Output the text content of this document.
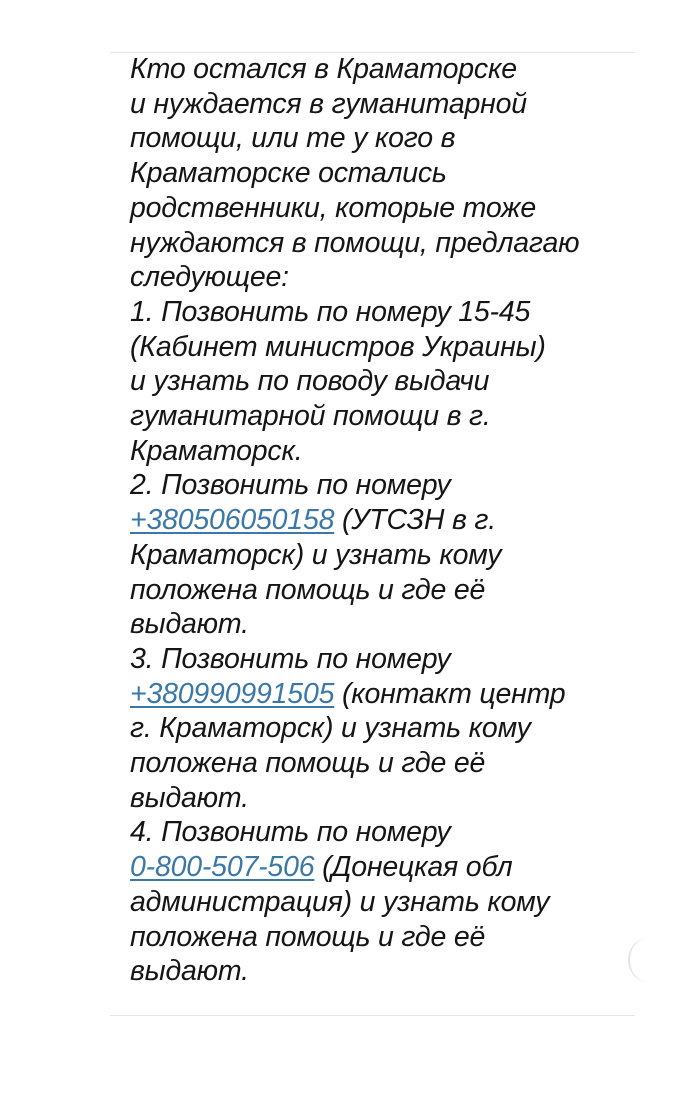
Кто остался в Краматорске
и нуждается в гуманитарной
помощи, или те у кого в
Краматорске остались
родственники, которые тоже
нуждаются в помощи, предлагаю
следующее:
1. Позвонить по номеру 15-45
(Кабинет министров Украины)
и узнать по поводу выдачи
гуманитарной помощи в г.
Краматорск.
2. Позвонить по номеру
+380506050158 (УТСЗН в г.
Краматорск) и узнать кому
положена помощь и где её
выдают.
3. Позвонить по номеру
+380990991505 (контакт центр
г. Краматорск) и узнать кому
положена помощь и где её
выдают.
4. Позвонить по номеру
0-800-507-506 (Донецкая обл
администрация) и узнать кому
положена помощь и где её
выдают.
